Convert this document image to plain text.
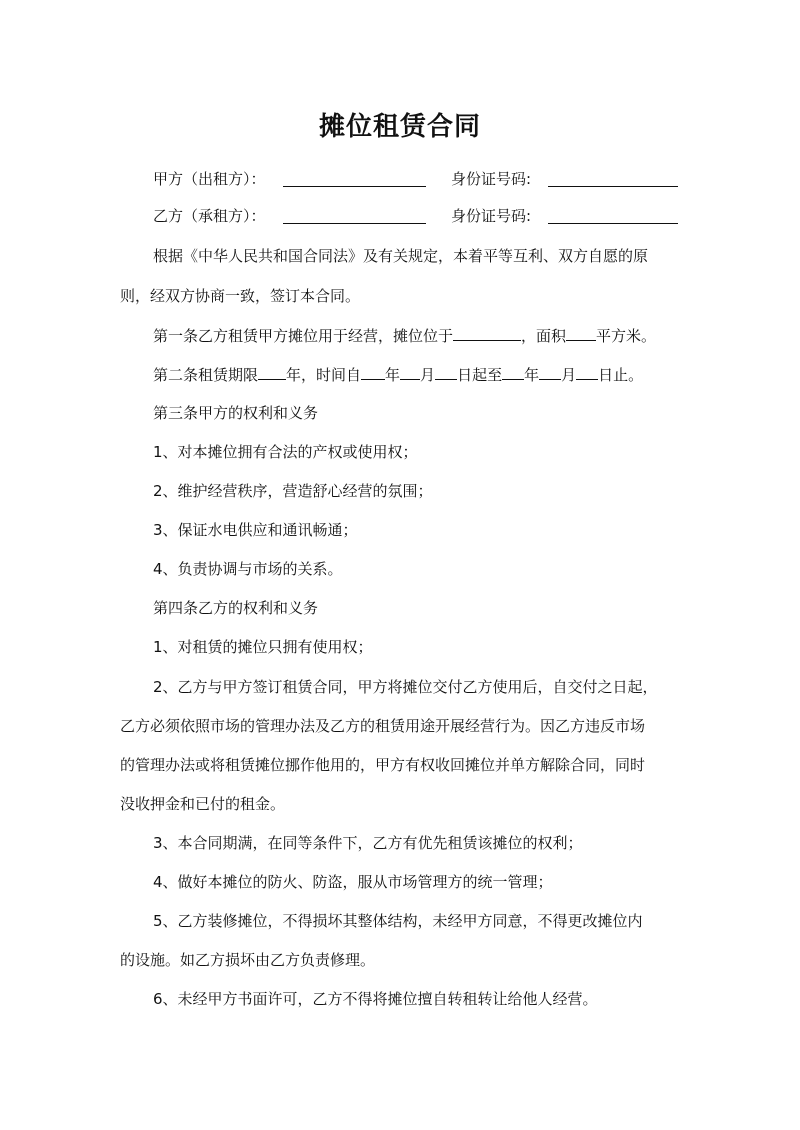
摊位租赁合同
甲方（出租方）：	身份证号码:
乙方（承租方）：	身份证号码:
根据《中华人民共和国合同法》及有关规定，本着平等互利、双方自愿的原
则，经双方协商一致，签订本合同。
第一条乙方租赁甲方摊位用于经营，摊位位于	，面积 平方米。
第二条租赁期限 年，时间自 年 月 日起至 年 月 日止。
第三条甲方的权利和义务
1、对本摊位拥有合法的产权或使用权；
2、维护经营秩序，营造舒心经营的氛围；
3、保证水电供应和通讯畅通；
4、负责协调与市场的关系。
第四条乙方的权利和义务
1、对租赁的摊位只拥有使用权；
2、乙方与甲方签订租赁合同，甲方将摊位交付乙方使用后，自交付之日起，
乙方必须依照市场的管理办法及乙方的租赁用途开展经营行为。因乙方违反市场
的管理办法或将租赁摊位挪作他用的，甲方有权收回摊位并单方解除合同，同时
没收押金和已付的租金。
3、本合同期满，在同等条件下，乙方有优先租赁该摊位的权利；
4、做好本摊位的防火、防盗，服从市场管理方的统一管理；
5、乙方装修摊位，不得损坏其整体结构，未经甲方同意，不得更改摊位内
的设施。如乙方损坏由乙方负责修理。
6、未经甲方书面许可，乙方不得将摊位擅自转租转让给他人经营。
